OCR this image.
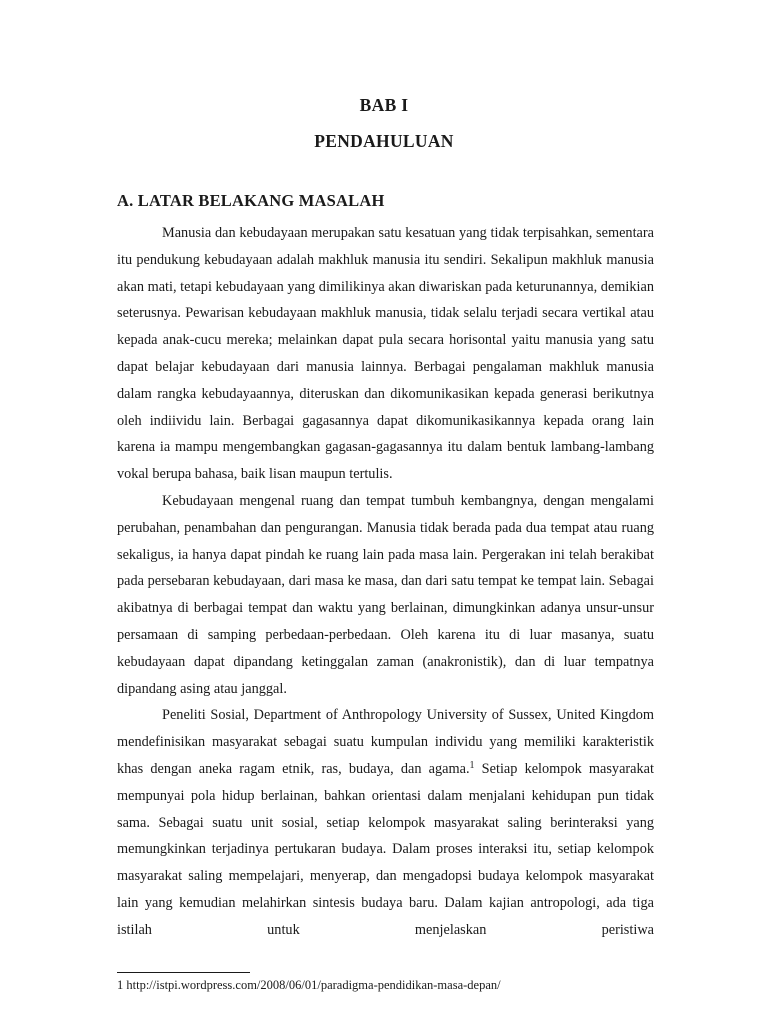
BAB I
PENDAHULUAN
A. LATAR BELAKANG MASALAH

Manusia dan kebudayaan merupakan satu kesatuan yang tidak terpisahkan, sementara itu pendukung kebudayaan adalah makhluk manusia itu sendiri. Sekalipun makhluk manusia akan mati, tetapi kebudayaan yang dimilikinya akan diwariskan pada keturunannya, demikian seterusnya. Pewarisan kebudayaan makhluk manusia, tidak selalu terjadi secara vertikal atau kepada anak-cucu mereka; melainkan dapat pula secara horisontal yaitu manusia yang satu dapat belajar kebudayaan dari manusia lainnya. Berbagai pengalaman makhluk manusia dalam rangka kebudayaannya, diteruskan dan dikomunikasikan kepada generasi berikutnya oleh indiividu lain. Berbagai gagasannya dapat dikomunikasikannya kepada orang lain karena ia mampu mengembangkan gagasan-gagasannya itu dalam bentuk lambang-lambang vokal berupa bahasa, baik lisan maupun tertulis.

Kebudayaan mengenal ruang dan tempat tumbuh kembangnya, dengan mengalami perubahan, penambahan dan pengurangan. Manusia tidak berada pada dua tempat atau ruang sekaligus, ia hanya dapat pindah ke ruang lain pada masa lain. Pergerakan ini telah berakibat pada persebaran kebudayaan, dari masa ke masa, dan dari satu tempat ke tempat lain. Sebagai akibatnya di berbagai tempat dan waktu yang berlainan, dimungkinkan adanya unsur-unsur persamaan di samping perbedaan-perbedaan. Oleh karena itu di luar masanya, suatu kebudayaan dapat dipandang ketinggalan zaman (anakronistik), dan di luar tempatnya dipandang asing atau janggal.

Peneliti Sosial, Department of Anthropology University of Sussex, United Kingdom mendefinisikan masyarakat sebagai suatu kumpulan individu yang memiliki karakteristik khas dengan aneka ragam etnik, ras, budaya, dan agama.$^1$ Setiap kelompok masyarakat mempunyai pola hidup berlainan, bahkan orientasi dalam menjalani kehidupan pun tidak sama. Sebagai suatu unit sosial, setiap kelompok masyarakat saling berinteraksi yang memungkinkan terjadinya pertukaran budaya. Dalam proses interaksi itu, setiap kelompok masyarakat saling mempelajari, menyerap, dan mengadopsi budaya kelompok masyarakat lain yang kemudian melahirkan sintesis budaya baru. Dalam kajian antropologi, ada tiga istilah untuk menjelaskan peristiwa

1 http://istpi.wordpress.com/2008/06/01/paradigma-pendidikan-masa-depan/
